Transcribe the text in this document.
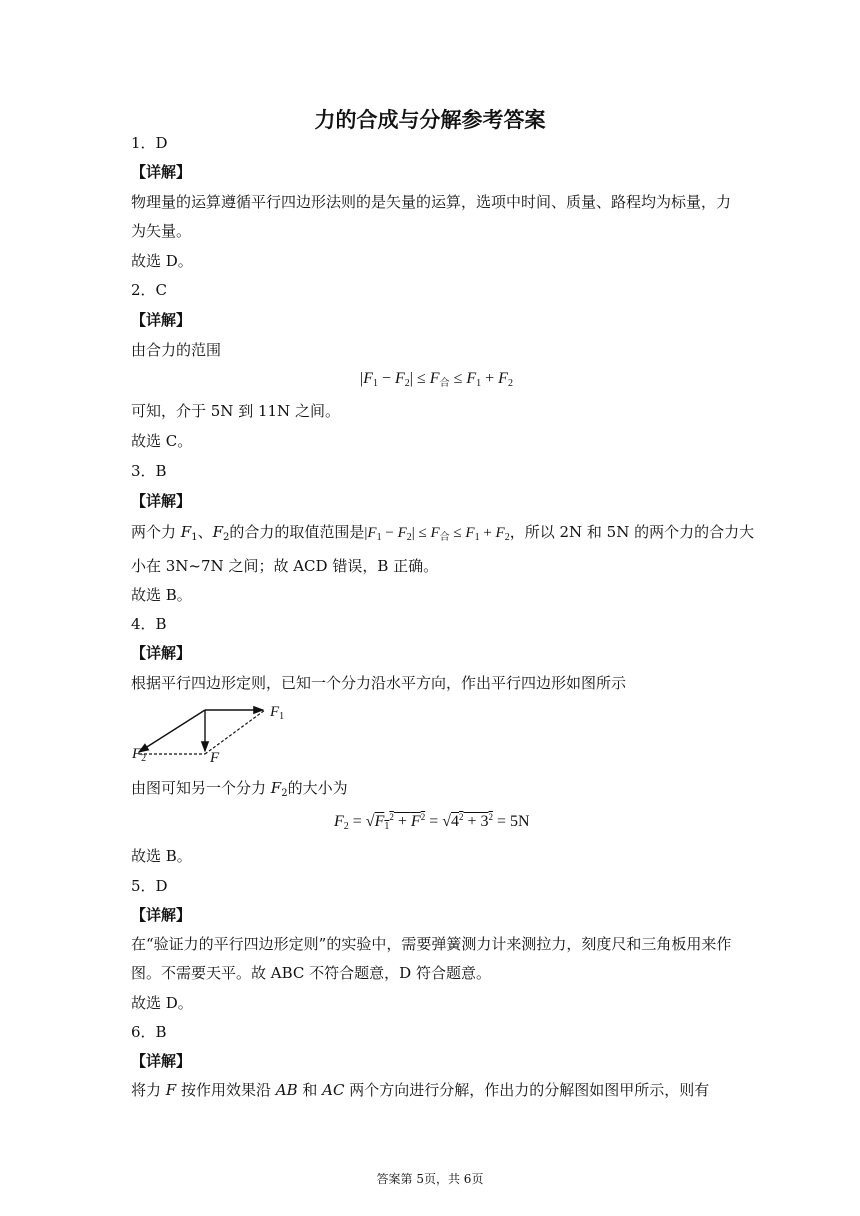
力的合成与分解参考答案
1．D
【详解】
物理量的运算遵循平行四边形法则的是矢量的运算，选项中时间、质量、路程均为标量，力
为矢量。
故选 D。
2．C
【详解】
由合力的范围
$|F_1 - F_2| \le F_合 \le F_1 + F_2$
可知，介于 5N 到 11N 之间。
故选 C。
3．B
【详解】
两个力 $F_1$、$F_2$的合力的取值范围是$|F_1 - F_2| \le F_合 \le F_1 + F_2$，所以 2N 和 5N 的两个力的合力大
小在 3N~7N 之间；故 ACD 错误，B 正确。
故选 B。
4．B
【详解】
根据平行四边形定则，已知一个分力沿水平方向，作出平行四边形如图所示
$F_1$
$F_2$	F
由图可知另一个分力 $F_2$的大小为
$F_2 = √F_1^2 + F^2 = √4^2 + 3^2 = 5N$
故选 B。
5．D
【详解】
在“验证力的平行四边形定则”的实验中，需要弹簧测力计来测拉力，刻度尺和三角板用来作
图。不需要天平。故 ABC 不符合题意，D 符合题意。
故选 D。
6．B
【详解】
将力 F 按作用效果沿 AB 和 AC 两个方向进行分解，作出力的分解图如图甲所示，则有
答案第 5页，共 6页
